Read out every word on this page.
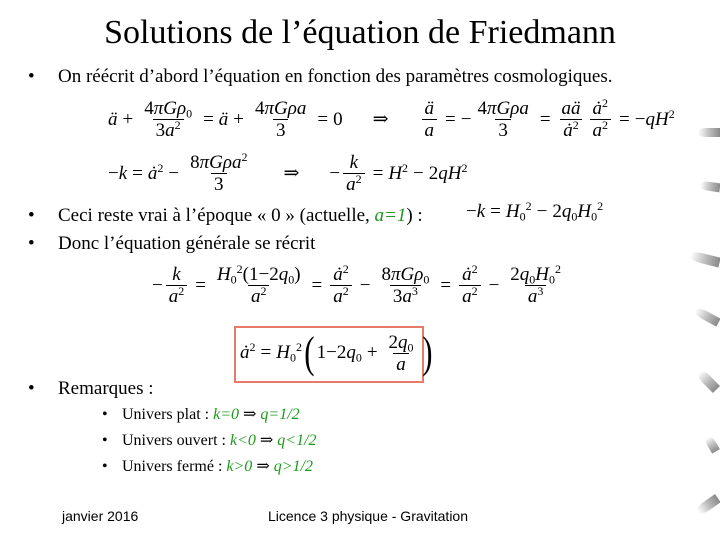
Solutions de l’équation de Friedmann
• On réécrit d’abord l’équation en fonction des paramètres cosmologiques.
ä + $\frac{4\pi G\rho_0}{3a^2}$ = ä + $\frac{\text{4πGρa}}{3} = 0$ ⇒ $\frac{ä}{a}$ = − $\frac{\text{4πGρa}}{3} = \frac{aä}{ȧ^2} \frac{ȧ^2}{a^2} = -qH^2$
$-k = ȧ^2 - \frac{8\pi G\rho a^2}{3}$ ⇒ − $\frac{k}{a^2} = H^2 - 2qH^2$
• Ceci reste vrai à l’époque « 0 » (actuelle, a=1) : $-k = H_0^2 - 2q_0H_0^2$
• Donc l’équation générale se récrit
− $\frac{k}{a^2} = \frac{H_0^2(1-2q_0)}{a^2} = \frac{ȧ^2}{a^2} - \frac{8\pi G\rho_0}{3a^3} = \frac{ȧ^2}{a^2} - \frac{2q_0H_0^2}{a^3}$
$ȧ^2 = H_0^2$ ( $1-2q_0 + \frac{2q_0}{a}$ )
• Remarques :
• Univers plat : k=0 ⇒ q=1/2
• Univers ouvert : k<0 ⇒ q<1/2
• Univers fermé : k>0 ⇒ q>1/2
janvier 2016	Licence 3 physique - Gravitation
